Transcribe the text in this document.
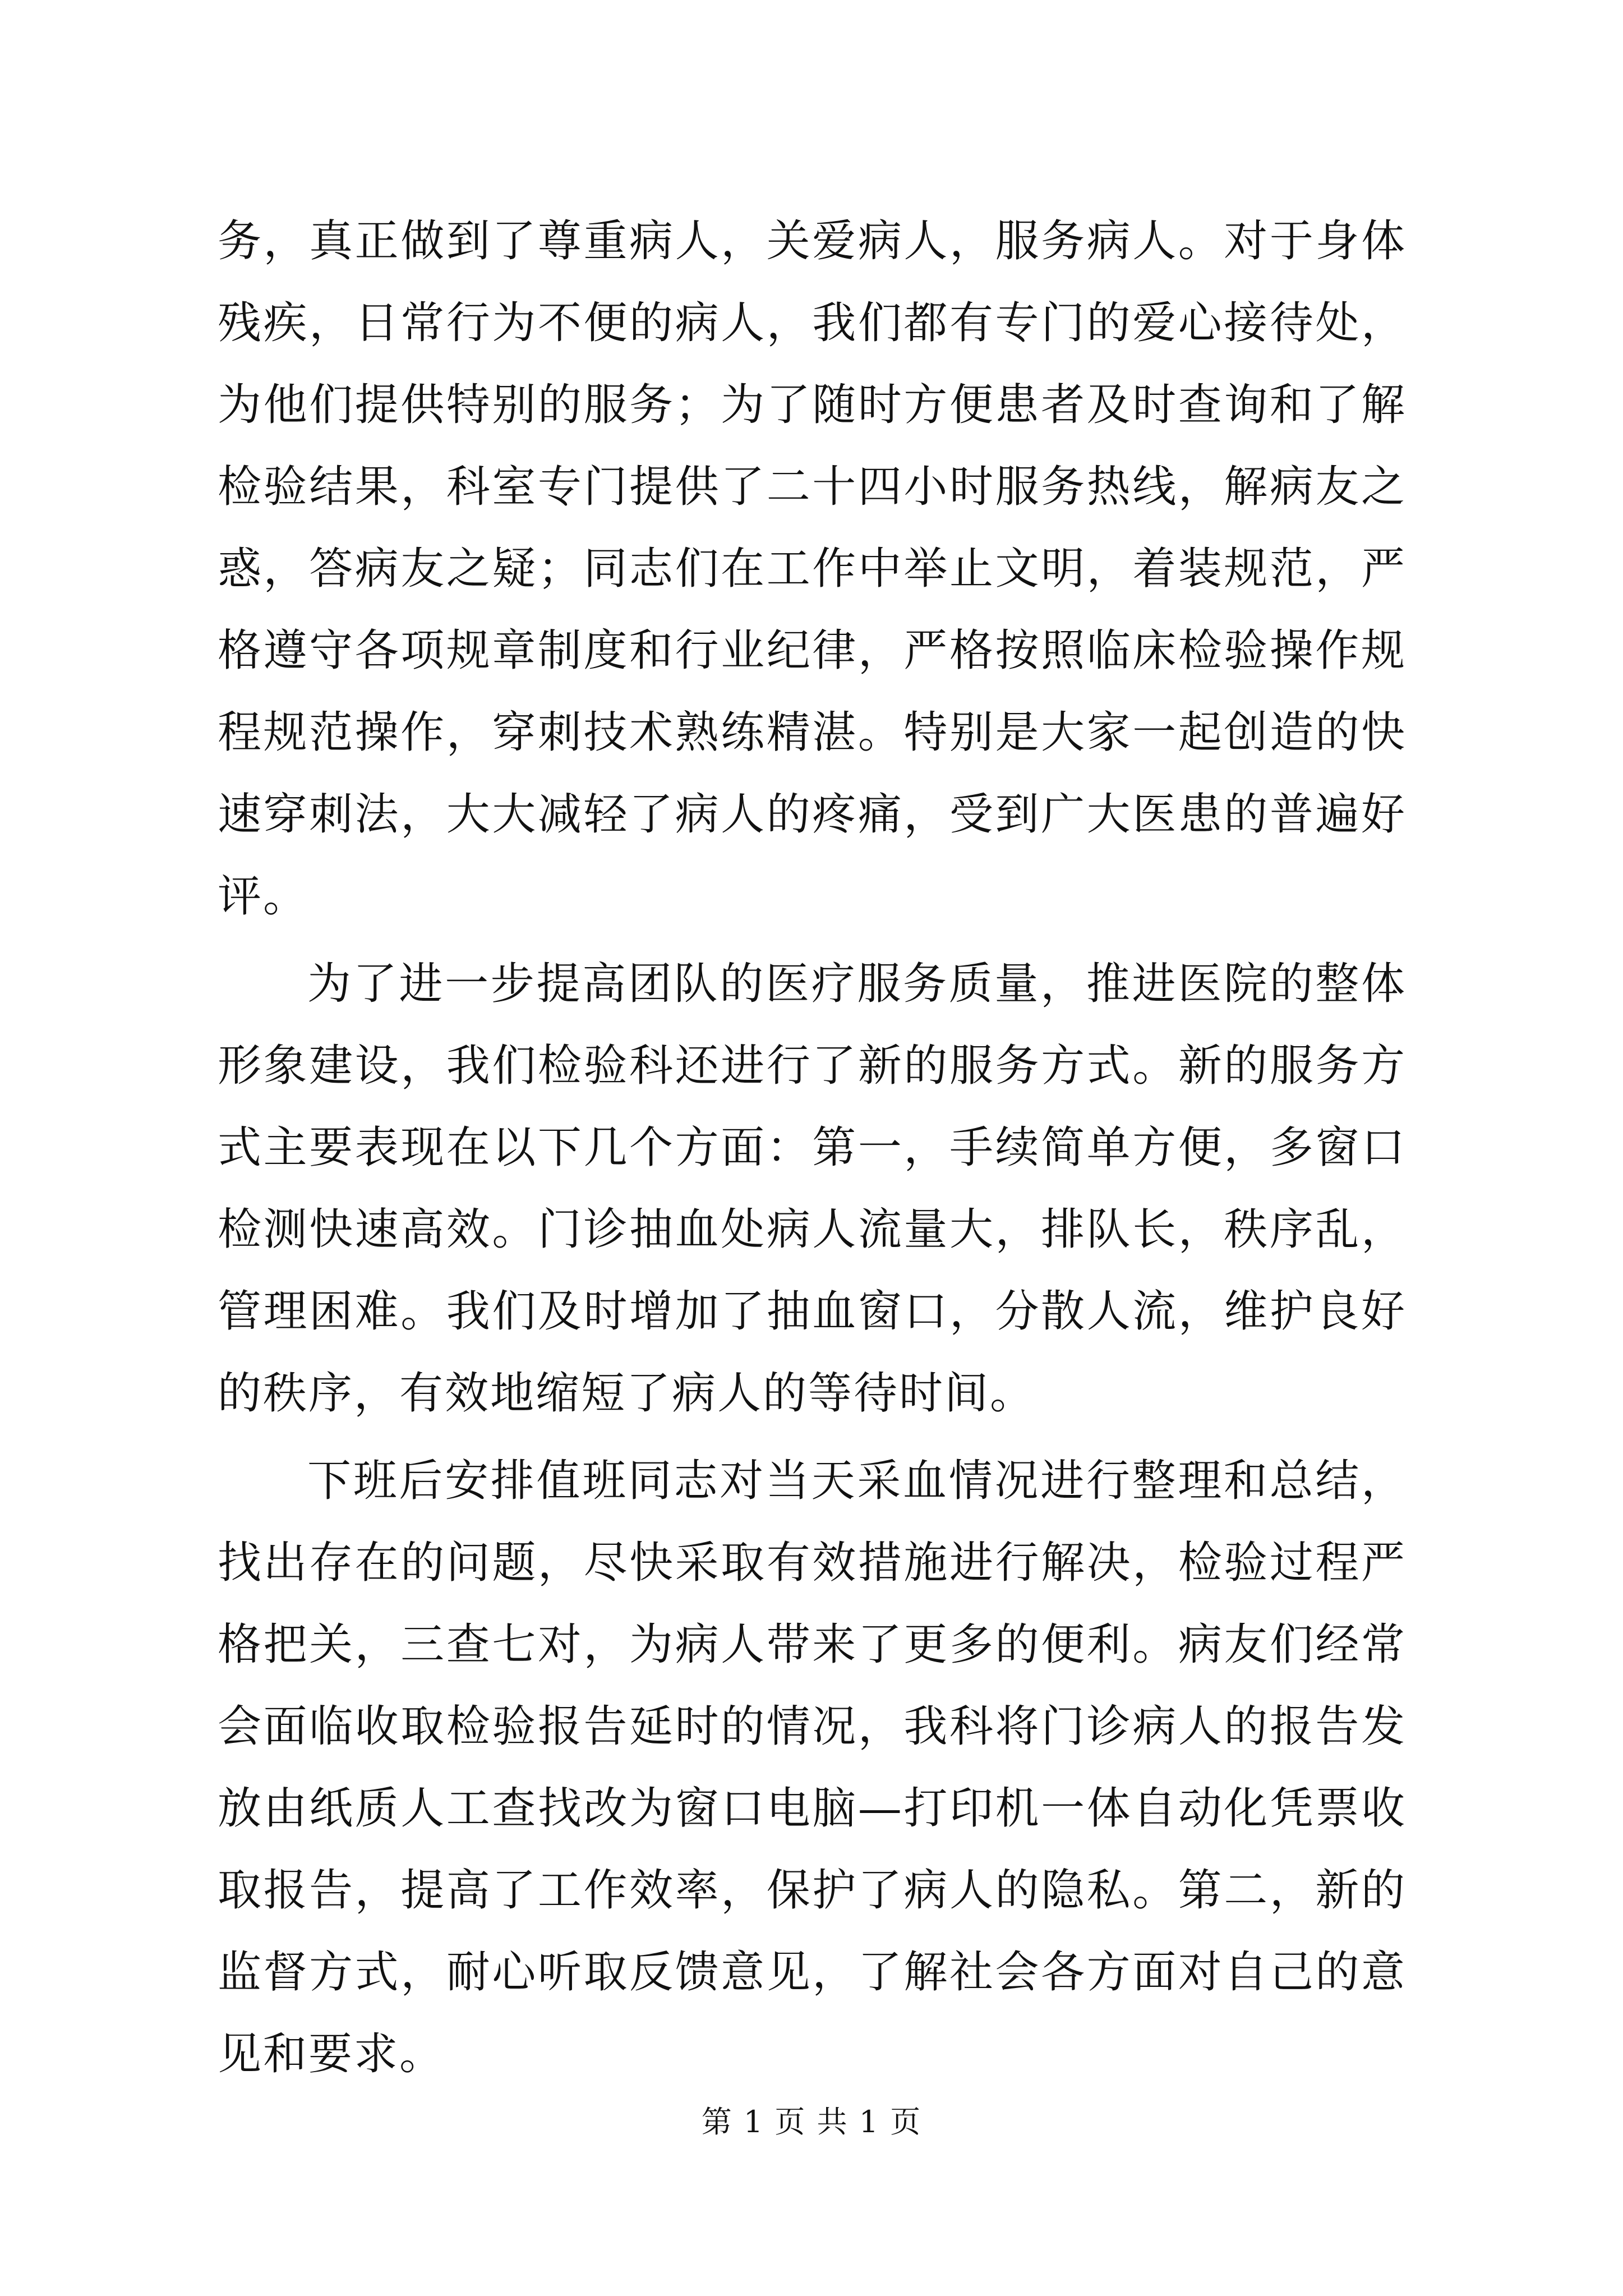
务，真正做到了尊重病人，关爱病人，服务病人。对于身体残疾，日常行为不便的病人，我们都有专门的爱心接待处，为他们提供特别的服务；为了随时方便患者及时查询和了解检验结果，科室专门提供了二十四小时服务热线，解病友之惑，答病友之疑；同志们在工作中举止文明，着装规范，严格遵守各项规章制度和行业纪律，严格按照临床检验操作规程规范操作，穿刺技术熟练精湛。特别是大家一起创造的快速穿刺法，大大减轻了病人的疼痛，受到广大医患的普遍好评。

为了进一步提高团队的医疗服务质量，推进医院的整体形象建设，我们检验科还进行了新的服务方式。新的服务方式主要表现在以下几个方面：第一，手续简单方便，多窗口检测快速高效。门诊抽血处病人流量大，排队长，秩序乱，管理困难。我们及时增加了抽血窗口，分散人流，维护良好的秩序，有效地缩短了病人的等待时间。

下班后安排值班同志对当天采血情况进行整理和总结，找出存在的问题，尽快采取有效措施进行解决，检验过程严格把关，三查七对，为病人带来了更多的便利。病友们经常会面临收取检验报告延时的情况，我科将门诊病人的报告发放由纸质人工查找改为窗口电脑—打印机一体自动化凭票收取报告，提高了工作效率，保护了病人的隐私。第二，新的监督方式，耐心听取反馈意见，了解社会各方面对自己的意见和要求。

第 1 页 共 1 页
